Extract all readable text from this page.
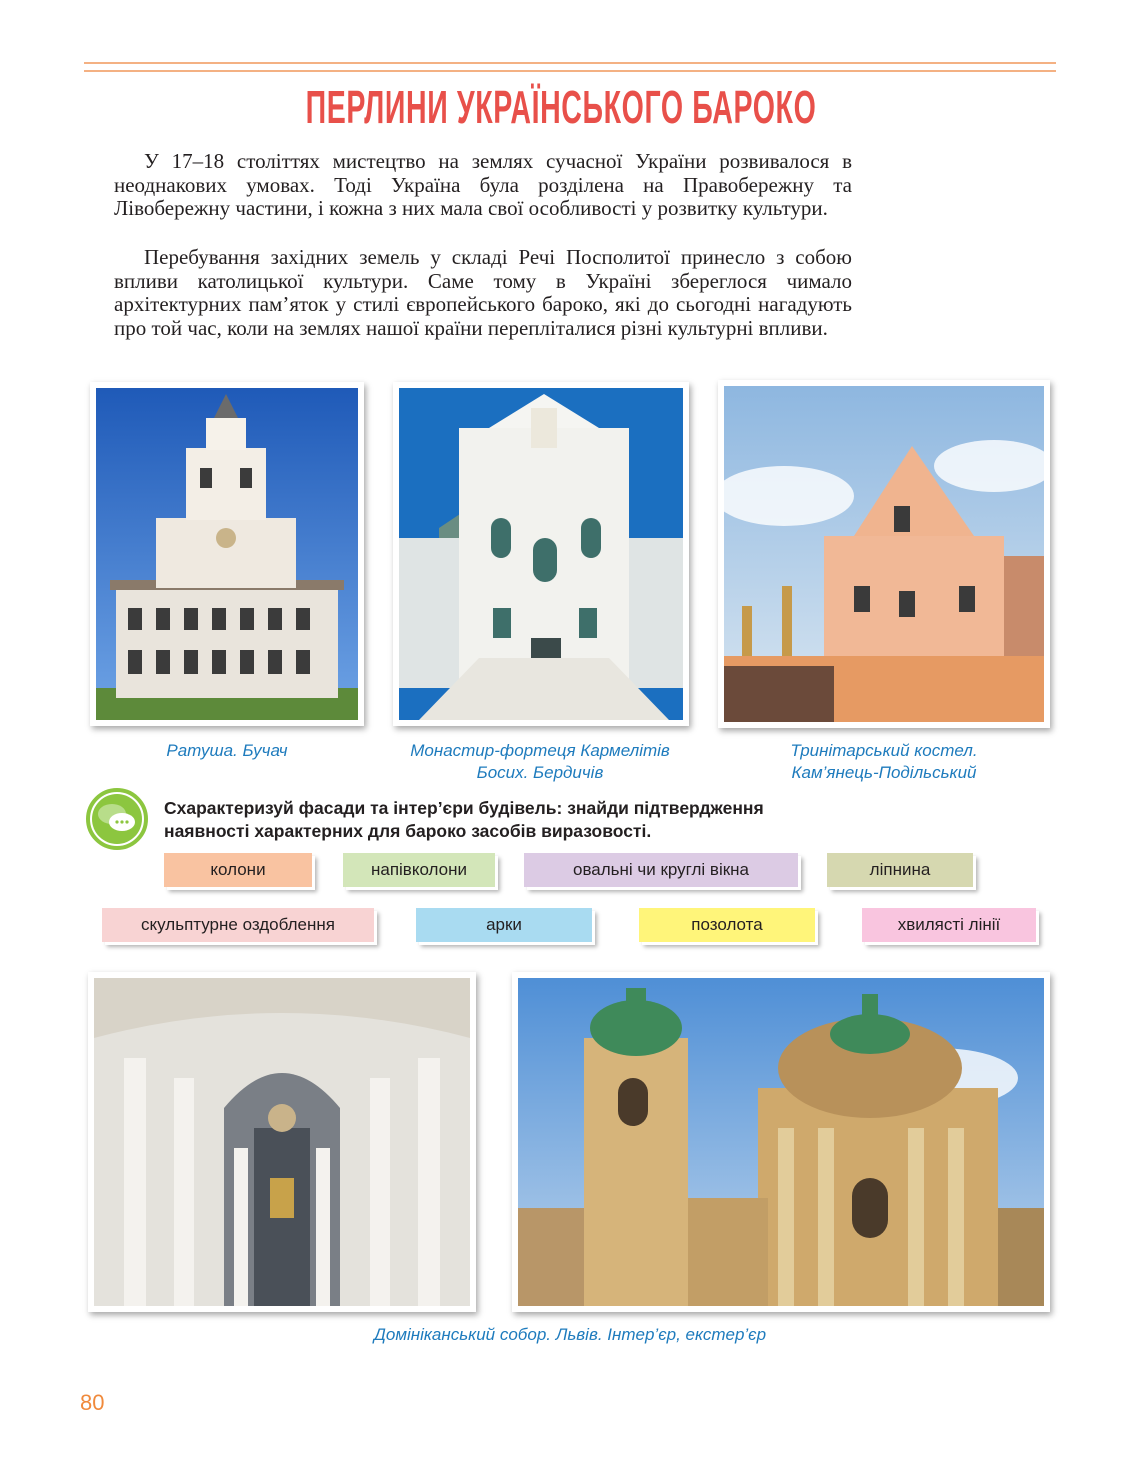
ПЕРЛИНИ УКРАЇНСЬКОГО БАРОКО

У 17–18 століттях мистецтво на землях сучасної України розвивалося в неоднакових умовах. Тоді Україна була розділена на Правобережну та Лівобережну частини, і кожна з них мала свої особливості у розвитку культури.

Перебування західних земель у складі Речі Посполитої принесло з собою впливи католицької культури. Саме тому в Україні збереглося чимало архітектурних пам’яток у стилі європейського бароко, які до сьогодні нагадують про той час, коли на землях нашої країни перепліталися різні культурні впливи.

Ратуша. Бучач	Монастир-фортеця Кармелітів
Босих. Бердичів
Тринітарський костел.
Кам’янець-Подільський
Схарактеризуй фасади та інтер’єри будівель: знайди підтвердження
наявності характерних для бароко засобів виразовості.
колони	напівколони	овальні чи круглі вікна	ліпнина
скульптурне оздоблення	арки	позолота	хвилясті лінії
Домініканський собор. Львів. Інтер’єр, екстер’єр
80
